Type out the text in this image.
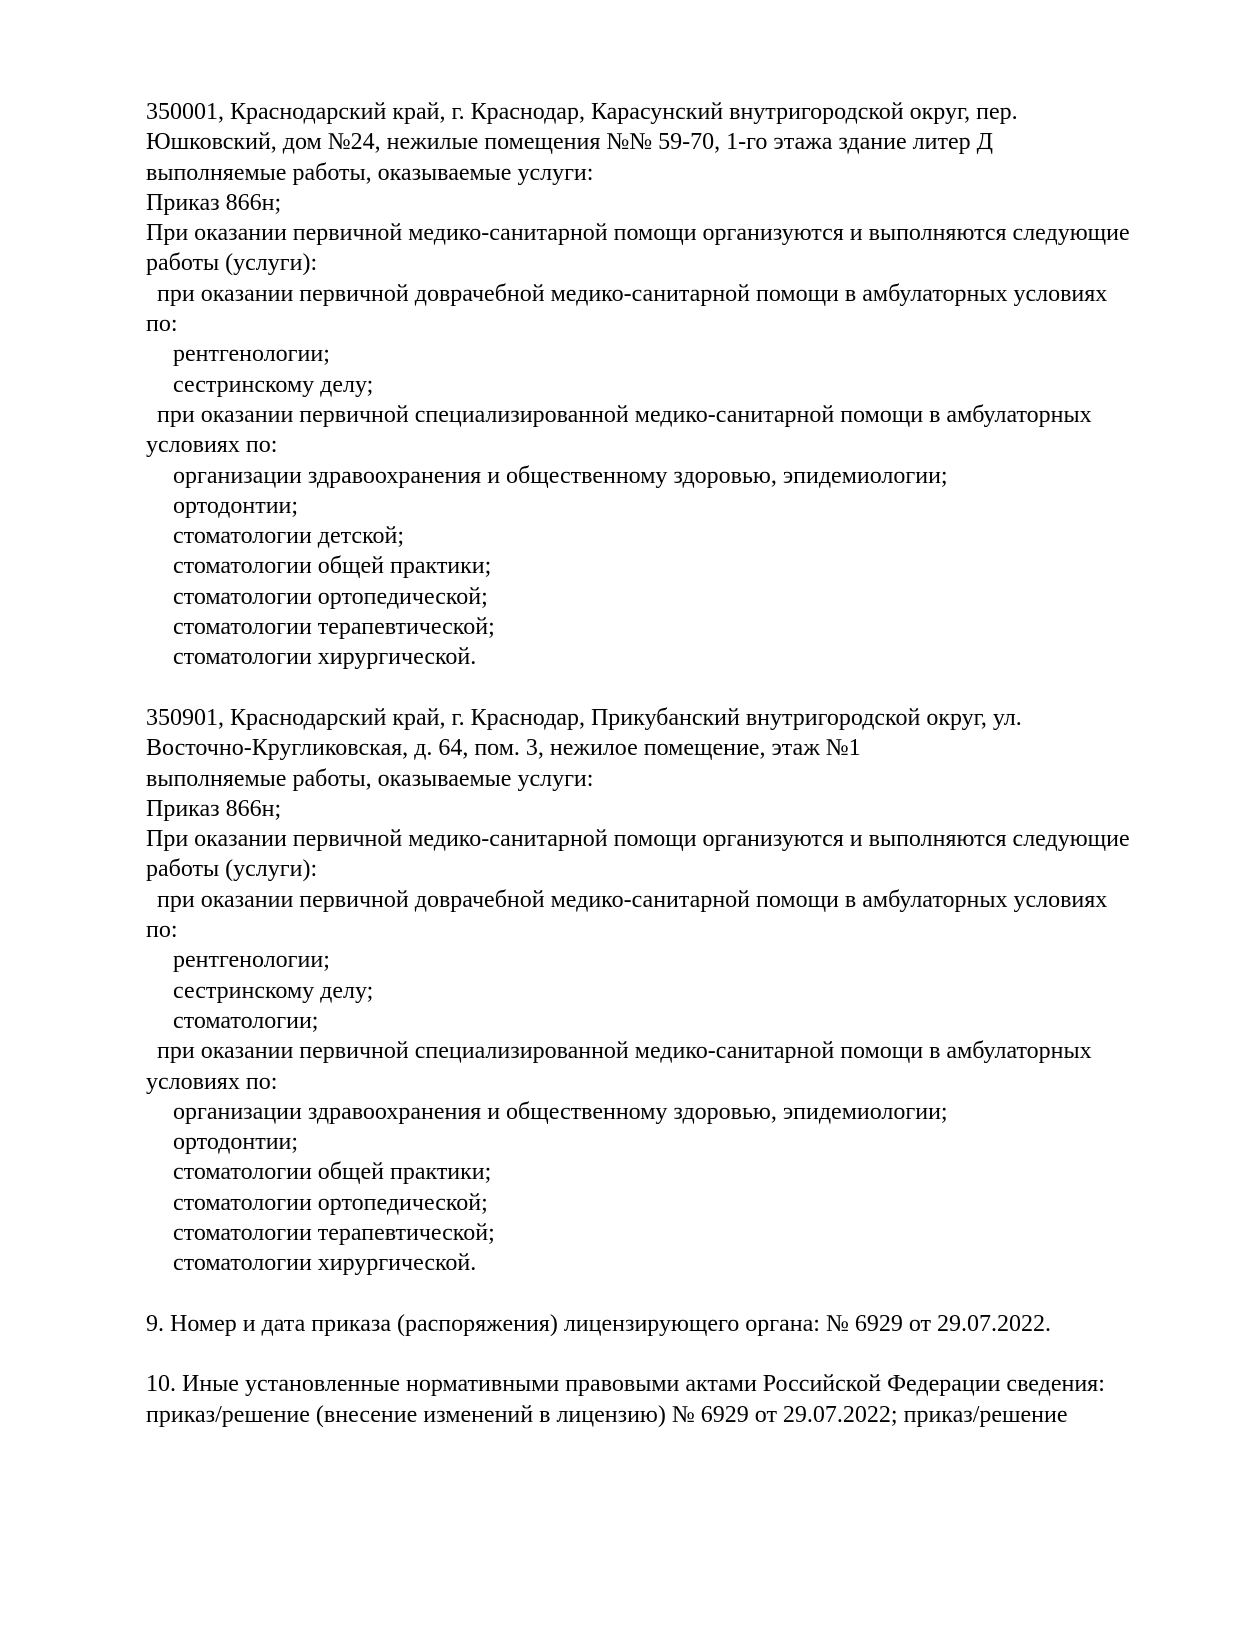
350001, Краснодарский край, г. Краснодар, Карасунский внутригородской округ, пер.
Юшковский, дом №24, нежилые помещения №№ 59-70, 1-го этажа здание литер Д
выполняемые работы, оказываемые услуги:
Приказ 866н;
При оказании первичной медико-санитарной помощи организуются и выполняются следующие
работы (услуги):
при оказании первичной доврачебной медико-санитарной помощи в амбулаторных условиях
по:
рентгенологии;
сестринскому делу;
при оказании первичной специализированной медико-санитарной помощи в амбулаторных
условиях по:
организации здравоохранения и общественному здоровью, эпидемиологии;
ортодонтии;
стоматологии детской;
стоматологии общей практики;
стоматологии ортопедической;
стоматологии терапевтической;
стоматологии хирургической.
350901, Краснодарский край, г. Краснодар, Прикубанский внутригородской округ, ул.
Восточно-Кругликовская, д. 64, пом. 3, нежилое помещение, этаж №1
выполняемые работы, оказываемые услуги:
Приказ 866н;
При оказании первичной медико-санитарной помощи организуются и выполняются следующие
работы (услуги):
при оказании первичной доврачебной медико-санитарной помощи в амбулаторных условиях
по:
рентгенологии;
сестринскому делу;
стоматологии;
при оказании первичной специализированной медико-санитарной помощи в амбулаторных
условиях по:
организации здравоохранения и общественному здоровью, эпидемиологии;
ортодонтии;
стоматологии общей практики;
стоматологии ортопедической;
стоматологии терапевтической;
стоматологии хирургической.
9. Номер и дата приказа (распоряжения) лицензирующего органа: № 6929 от 29.07.2022.
10. Иные установленные нормативными правовыми актами Российской Федерации сведения:
приказ/решение (внесение изменений в лицензию) № 6929 от 29.07.2022; приказ/решение
